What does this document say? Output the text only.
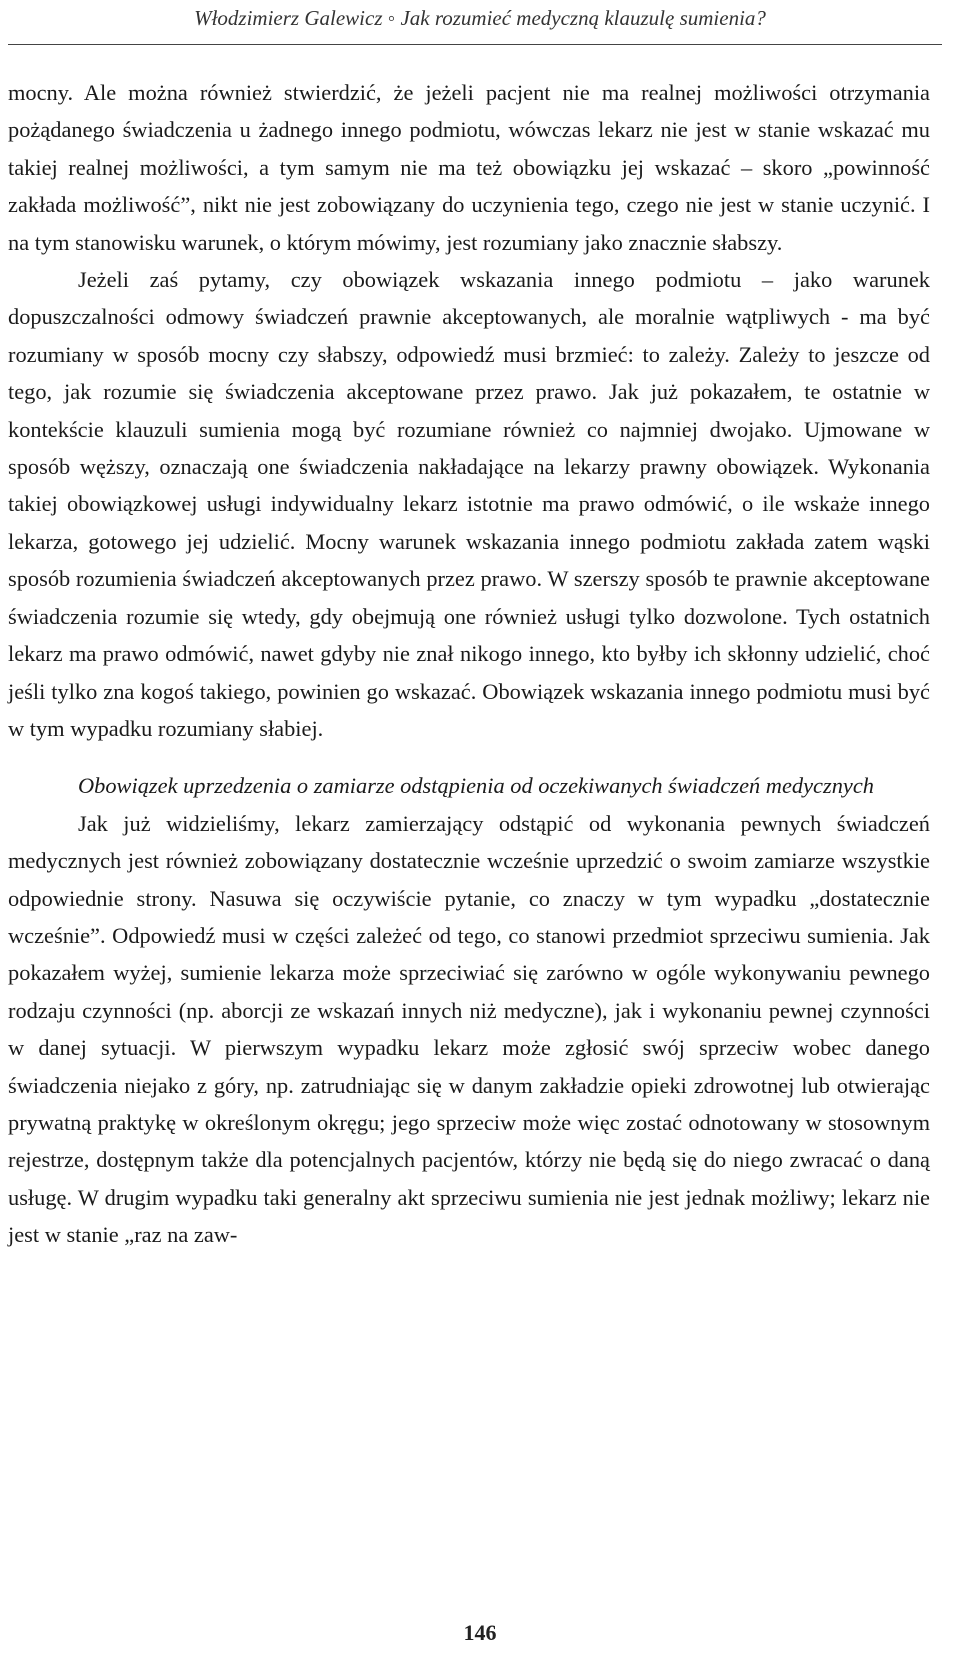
Włodzimierz Galewicz ◦ Jak rozumieć medyczną klauzulę sumienia?

mocny. Ale można również stwierdzić, że jeżeli pacjent nie ma realnej możliwości otrzymania pożądanego świadczenia u żadnego innego podmiotu, wówczas lekarz nie jest w stanie wskazać mu takiej realnej możliwości, a tym samym nie ma też obowiązku jej wskazać – skoro „powinność zakłada możliwość”, nikt nie jest zobowiązany do uczynienia tego, czego nie jest w stanie uczynić. I na tym stanowisku warunek, o którym mówimy, jest rozumiany jako znacznie słabszy.

Jeżeli zaś pytamy, czy obowiązek wskazania innego podmiotu – jako warunek dopuszczalności odmowy świadczeń prawnie akceptowanych, ale moralnie wątpliwych - ma być rozumiany w sposób mocny czy słabszy, odpowiedź musi brzmieć: to zależy. Zależy to jeszcze od tego, jak rozumie się świadczenia akceptowane przez prawo. Jak już pokazałem, te ostatnie w kontekście klauzuli sumienia mogą być rozumiane również co najmniej dwojako. Ujmowane w sposób węższy, oznaczają one świadczenia nakładające na lekarzy prawny obowiązek. Wykonania takiej obowiązkowej usługi indywidualny lekarz istotnie ma prawo odmówić, o ile wskaże innego lekarza, gotowego jej udzielić. Mocny warunek wskazania innego podmiotu zakłada zatem wąski sposób rozumienia świadczeń akceptowanych przez prawo. W szerszy sposób te prawnie akceptowane świadczenia rozumie się wtedy, gdy obejmują one również usługi tylko dozwolone. Tych ostatnich lekarz ma prawo odmówić, nawet gdyby nie znał nikogo innego, kto byłby ich skłonny udzielić, choć jeśli tylko zna kogoś takiego, powinien go wskazać. Obowiązek wskazania innego podmiotu musi być w tym wypadku rozumiany słabiej.

Obowiązek uprzedzenia o zamiarze odstąpienia od oczekiwanych świadczeń medycznych

Jak już widzieliśmy, lekarz zamierzający odstąpić od wykonania pewnych świadczeń medycznych jest również zobowiązany dostatecznie wcześnie uprzedzić o swoim zamiarze wszystkie odpowiednie strony. Nasuwa się oczywiście pytanie, co znaczy w tym wypadku „dostatecznie wcześnie”. Odpowiedź musi w części zależeć od tego, co stanowi przedmiot sprzeciwu sumienia. Jak pokazałem wyżej, sumienie lekarza może sprzeciwiać się zarówno w ogóle wykonywaniu pewnego rodzaju czynności (np. aborcji ze wskazań innych niż medyczne), jak i wykonaniu pewnej czynności w danej sytuacji. W pierwszym wypadku lekarz może zgłosić swój sprzeciw wobec danego świadczenia niejako z góry, np. zatrudniając się w danym zakładzie opieki zdrowotnej lub otwierając prywatną praktykę w określonym okręgu; jego sprzeciw może więc zostać odnotowany w stosownym rejestrze, dostępnym także dla potencjalnych pacjentów, którzy nie będą się do niego zwracać o daną usługę. W drugim wypadku taki generalny akt sprzeciwu sumienia nie jest jednak możliwy; lekarz nie jest w stanie „raz na zaw-

146
